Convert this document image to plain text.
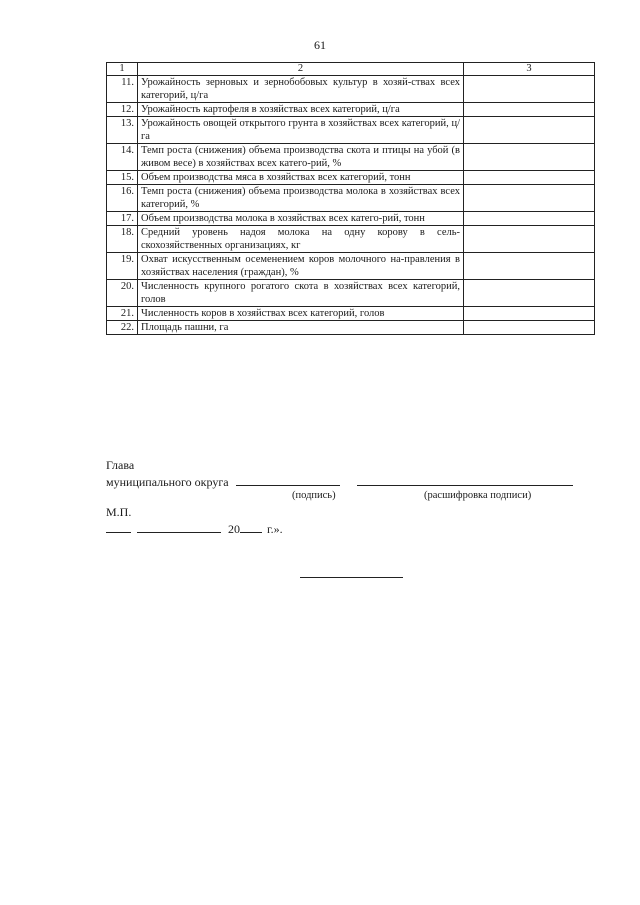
61
1	2	3
11.	Урожайность зерновых и зернобобовых культур в хозяй-ствах всех категорий, ц/га	
12.	Урожайность картофеля в хозяйствах всех категорий, ц/га	
13.	Урожайность овощей открытого грунта в хозяйствах всех категорий, ц/га	
14.	Темп роста (снижения) объема производства скота и птицы на убой (в живом весе) в хозяйствах всех катего-рий, %	
15.	Объем производства мяса в хозяйствах всех категорий, тонн	
16.	Темп роста (снижения) объема производства молока в хозяйствах всех категорий, %	
17.	Объем производства молока в хозяйствах всех катего-рий, тонн	
18.	Средний уровень надоя молока на одну корову в сель-скохозяйственных организациях, кг	
19.	Охват искусственным осеменением коров молочного на-правления в хозяйствах населения (граждан), %	
20.	Численность крупного рогатого скота в хозяйствах всех категорий, голов	
21.	Численность коров в хозяйствах всех категорий, голов	
22.	Площадь пашни, га	
Глава
муниципального округа
(подпись)	(расшифровка подписи)
М.П.
20 г.».
